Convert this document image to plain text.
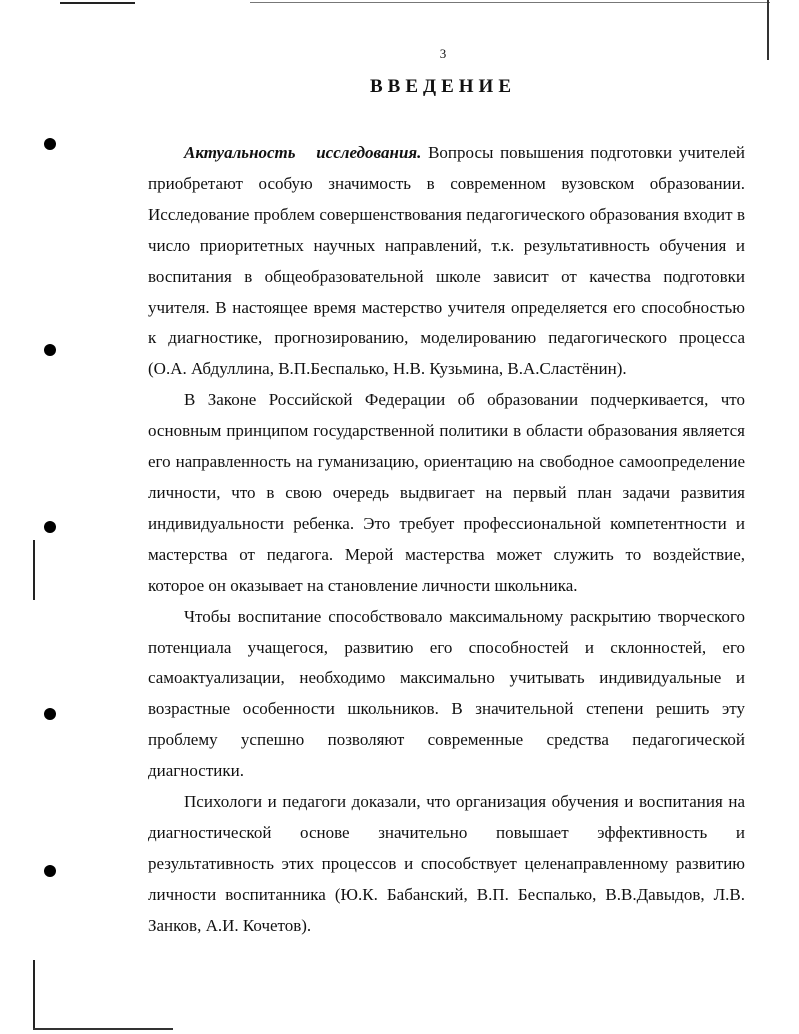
3
ВВЕДЕНИЕ

Актуальность исследования. Вопросы повышения подготовки учителей приобретают особую значимость в современном вузовском образовании. Исследование проблем совершенствования педагогического образования входит в число приоритетных научных направлений, т.к. результативность обучения и воспитания в общеобразовательной школе зависит от качества подготовки учителя. В настоящее время мастерство учителя определяется его способностью к диагностике, прогнозированию, моделированию педагогического процесса (О.А. Абдуллина, В.П.Беспалько, Н.В. Кузьмина, В.А.Сластёнин).

В Законе Российской Федерации об образовании подчеркивается, что основным принципом государственной политики в области образования является его направленность на гуманизацию, ориентацию на свободное самоопределение личности, что в свою очередь выдвигает на первый план задачи развития индивидуальности ребенка. Это требует профессиональной компетентности и мастерства от педагога. Мерой мастерства может служить то воздействие, которое он оказывает на становление личности школьника.

Чтобы воспитание способствовало максимальному раскрытию творческого потенциала учащегося, развитию его способностей и склонностей, его самоактуализации, необходимо максимально учитывать индивидуальные и возрастные особенности школьников. В значительной степени решить эту проблему успешно позволяют современные средства педагогической диагностики.

Психологи и педагоги доказали, что организация обучения и воспитания на диагностической основе значительно повышает эффективность и результативность этих процессов и способствует целенаправленному развитию личности воспитанника (Ю.К. Бабанский, В.П. Беспалько, В.В.Давыдов, Л.В. Занков, А.И. Кочетов).
